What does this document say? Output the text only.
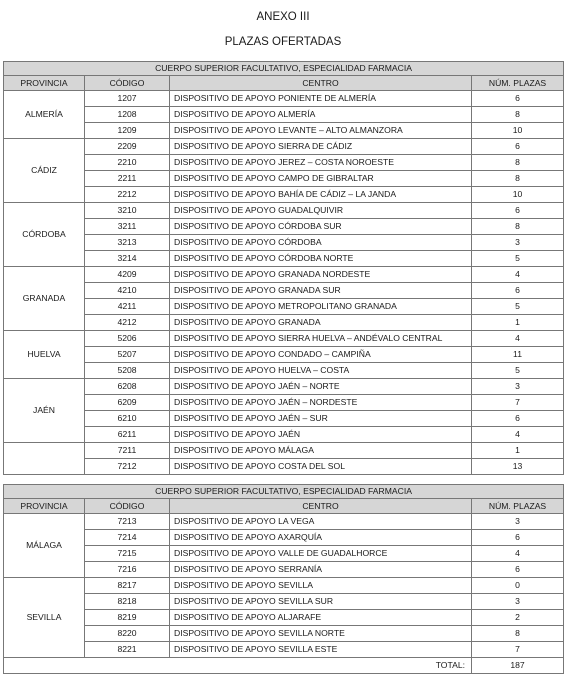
ANEXO III
PLAZAS OFERTADAS
CUERPO SUPERIOR FACULTATIVO, ESPECIALIDAD FARMACIA			
PROVINCIA	CÓDIGO	CENTRO	NÚM. PLAZAS
ALMERÍA	1207	DISPOSITIVO DE APOYO PONIENTE DE ALMERÍA	6
	1208	DISPOSITIVO DE APOYO ALMERÍA	8
	1209	DISPOSITIVO DE APOYO LEVANTE – ALTO ALMANZORA	10
CÁDIZ	2209	DISPOSITIVO DE APOYO SIERRA DE CÁDIZ	6
	2210	DISPOSITIVO DE APOYO JEREZ – COSTA NOROESTE	8
	2211	DISPOSITIVO DE APOYO CAMPO DE GIBRALTAR	8
	2212	DISPOSITIVO DE APOYO BAHÍA DE CÁDIZ – LA JANDA	10
CÓRDOBA	3210	DISPOSITIVO DE APOYO GUADALQUIVIR	6
	3211	DISPOSITIVO DE APOYO CÓRDOBA SUR	8
	3213	DISPOSITIVO DE APOYO CÓRDOBA	3
	3214	DISPOSITIVO DE APOYO CÓRDOBA NORTE	5
GRANADA	4209	DISPOSITIVO DE APOYO GRANADA NORDESTE	4
	4210	DISPOSITIVO DE APOYO GRANADA SUR	6
	4211	DISPOSITIVO DE APOYO METROPOLITANO GRANADA	5
	4212	DISPOSITIVO DE APOYO GRANADA	1
HUELVA	5206	DISPOSITIVO DE APOYO SIERRA HUELVA – ANDÉVALO CENTRAL	4
	5207	DISPOSITIVO DE APOYO CONDADO – CAMPIÑA	11
	5208	DISPOSITIVO DE APOYO HUELVA – COSTA	5
JAÉN	6208	DISPOSITIVO DE APOYO JAÉN – NORTE	3
	6209	DISPOSITIVO DE APOYO JAÉN – NORDESTE	7
	6210	DISPOSITIVO DE APOYO JAÉN – SUR	6
	6211	DISPOSITIVO DE APOYO JAÉN	4
	7211	DISPOSITIVO DE APOYO MÁLAGA	1
	7212	DISPOSITIVO DE APOYO COSTA DEL SOL	13
CUERPO SUPERIOR FACULTATIVO, ESPECIALIDAD FARMACIA			
PROVINCIA	CÓDIGO	CENTRO	NÚM. PLAZAS
MÁLAGA	7213	DISPOSITIVO DE APOYO LA VEGA	3
	7214	DISPOSITIVO DE APOYO AXARQUÍA	6
	7215	DISPOSITIVO DE APOYO VALLE DE GUADALHORCE	4
	7216	DISPOSITIVO DE APOYO SERRANÍA	6
SEVILLA	8217	DISPOSITIVO DE APOYO SEVILLA	0
	8218	DISPOSITIVO DE APOYO SEVILLA SUR	3
	8219	DISPOSITIVO DE APOYO ALJARAFE	2
	8220	DISPOSITIVO DE APOYO SEVILLA NORTE	8
	8221	DISPOSITIVO DE APOYO SEVILLA ESTE	7
TOTAL:			187
